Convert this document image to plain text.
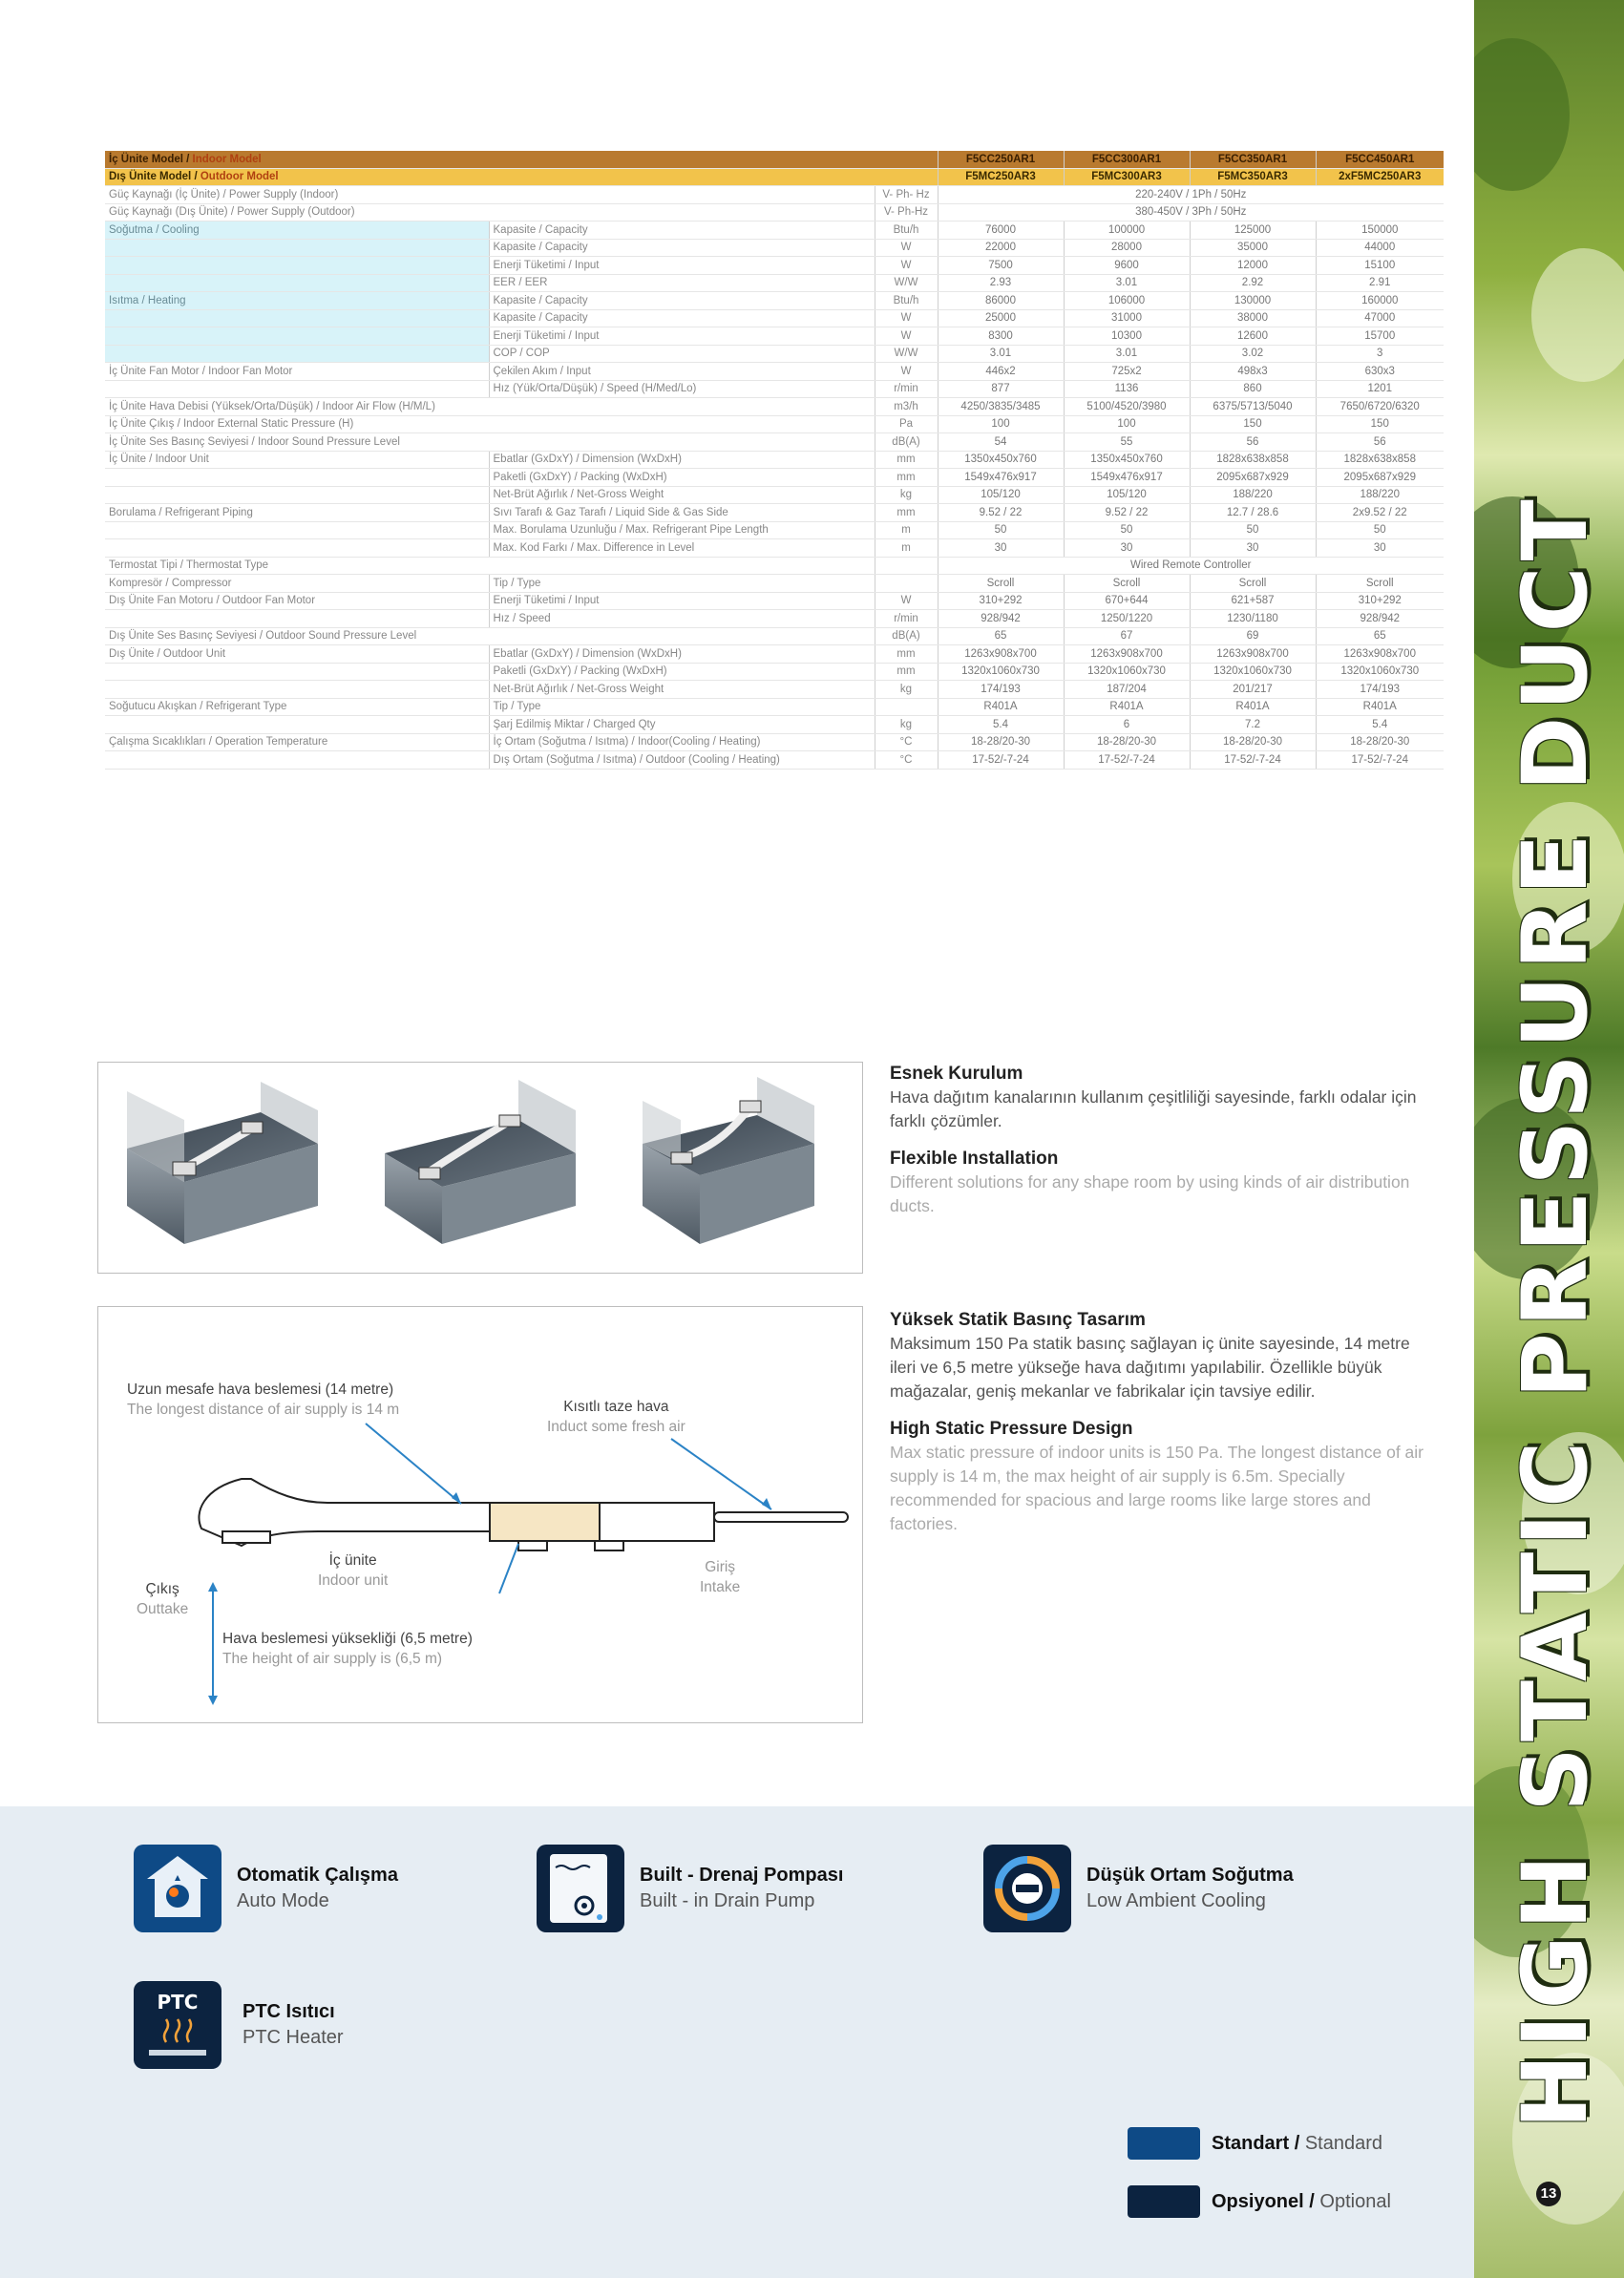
İç Ünite Model / Indoor Model			F5CC250AR1	F5CC300AR1	F5CC350AR1	F5CC450AR1
Dış Ünite Model / Outdoor Model			F5MC250AR3	F5MC300AR3	F5MC350AR3	2xF5MC250AR3
Güç Kaynağı (İç Ünite) / Power Supply (Indoor)		V- Ph- Hz	220-240V / 1Ph / 50Hz			
Güç Kaynağı (Dış Ünite) / Power Supply (Outdoor)		V- Ph-Hz	380-450V / 3Ph / 50Hz			
Soğutma / Cooling	Kapasite / Capacity	Btu/h	76000	100000	125000	150000
	Kapasite / Capacity	W	22000	28000	35000	44000
	Enerji Tüketimi / Input	W	7500	9600	12000	15100
	EER / EER	W/W	2.93	3.01	2.92	2.91
Isıtma / Heating	Kapasite / Capacity	Btu/h	86000	106000	130000	160000
	Kapasite / Capacity	W	25000	31000	38000	47000
	Enerji Tüketimi / Input	W	8300	10300	12600	15700
	COP / COP	W/W	3.01	3.01	3.02	3
İç Ünite Fan Motor / Indoor Fan Motor	Çekilen Akım / Input	W	446x2	725x2	498x3	630x3
	Hız (Yük/Orta/Düşük) / Speed (H/Med/Lo)	r/min	877	1136	860	1201
İç Ünite Hava Debisi (Yüksek/Orta/Düşük) / Indoor Air Flow (H/M/L)		m3/h	4250/3835/3485	5100/4520/3980	6375/5713/5040	7650/6720/6320
İç Ünite Çıkış / Indoor External Static Pressure (H)		Pa	100	100	150	150
İç Ünite Ses Basınç Seviyesi / Indoor Sound Pressure Level		dB(A)	54	55	56	56
İç Ünite / Indoor Unit	Ebatlar (GxDxY) / Dimension (WxDxH)	mm	1350x450x760	1350x450x760	1828x638x858	1828x638x858
	Paketli (GxDxY) / Packing (WxDxH)	mm	1549x476x917	1549x476x917	2095x687x929	2095x687x929
	Net-Brüt Ağırlık / Net-Gross Weight	kg	105/120	105/120	188/220	188/220
Borulama / Refrigerant Piping	Sıvı Tarafı & Gaz Tarafı / Liquid Side & Gas Side	mm	9.52 / 22	9.52 / 22	12.7 / 28.6	2x9.52 / 22
	Max. Borulama Uzunluğu / Max. Refrigerant Pipe Length	m	50	50	50	50
	Max. Kod Farkı / Max. Difference in Level	m	30	30	30	30
Termostat Tipi / Thermostat Type			Wired Remote Controller			
Kompresör / Compressor	Tip / Type		Scroll	Scroll	Scroll	Scroll
Dış Ünite Fan Motoru / Outdoor Fan Motor	Enerji Tüketimi / Input	W	310+292	670+644	621+587	310+292
	Hız / Speed	r/min	928/942	1250/1220	1230/1180	928/942
Dış Ünite Ses Basınç Seviyesi / Outdoor Sound Pressure Level		dB(A)	65	67	69	65
Dış Ünite / Outdoor Unit	Ebatlar (GxDxY) / Dimension (WxDxH)	mm	1263x908x700	1263x908x700	1263x908x700	1263x908x700
	Paketli (GxDxY) / Packing (WxDxH)	mm	1320x1060x730	1320x1060x730	1320x1060x730	1320x1060x730
	Net-Brüt Ağırlık / Net-Gross Weight	kg	174/193	187/204	201/217	174/193
Soğutucu Akışkan / Refrigerant Type	Tip / Type		R401A	R401A	R401A	R401A
	Şarj Edilmiş Miktar / Charged Qty	kg	5.4	6	7.2	5.4
Çalışma Sıcaklıkları / Operation Temperature	İç Ortam (Soğutma / Isıtma) / Indoor(Cooling / Heating)	°C	18-28/20-30	18-28/20-30	18-28/20-30	18-28/20-30
	Dış Ortam (Soğutma / Isıtma) / Outdoor (Cooling / Heating)	°C	17-52/-7-24	17-52/-7-24	17-52/-7-24	17-52/-7-24
Esnek Kurulum
Hava dağıtım kanalarının kullanım çeşitliliği sayesinde, farklı odalar için farklı çözümler.
Flexible Installation
Different solutions for any shape room by using kinds of air distribution ducts.
Uzun mesafe hava beslemesi (14 metre)
The longest distance of air supply is 14 m	Kısıtlı taze hava
Induct some fresh air
İç ünite
Indoor unit
Çıkış
Outtake
Giriş
Intake
Hava beslemesi yüksekliği (6,5 metre)
The height of air supply is (6,5 m)
Yüksek Statik Basınç Tasarım
Maksimum 150 Pa statik basınç sağlayan iç ünite sayesinde, 14 metre ileri ve 6,5 metre yükseğe hava dağıtımı yapılabilir. Özellikle büyük mağazalar, geniş mekanlar ve fabrikalar için tavsiye edilir.
High Static Pressure Design
Max static pressure of indoor units is 150 Pa. The longest distance of air supply is 14 m, the max height of air supply is 6.5m. Specially recommended for spacious and large rooms like large stores and factories.
Otomatik Çalışma
Auto Mode
Built - Drenaj Pompası
Built - in Drain Pump
Düşük Ortam Soğutma
Low Ambient Cooling
PTC	PTC Isıtıcı
PTC Heater
Standart / Standard
Opsiyonel / Optional
HIGH STATIC PRESSURE DUCT
13
